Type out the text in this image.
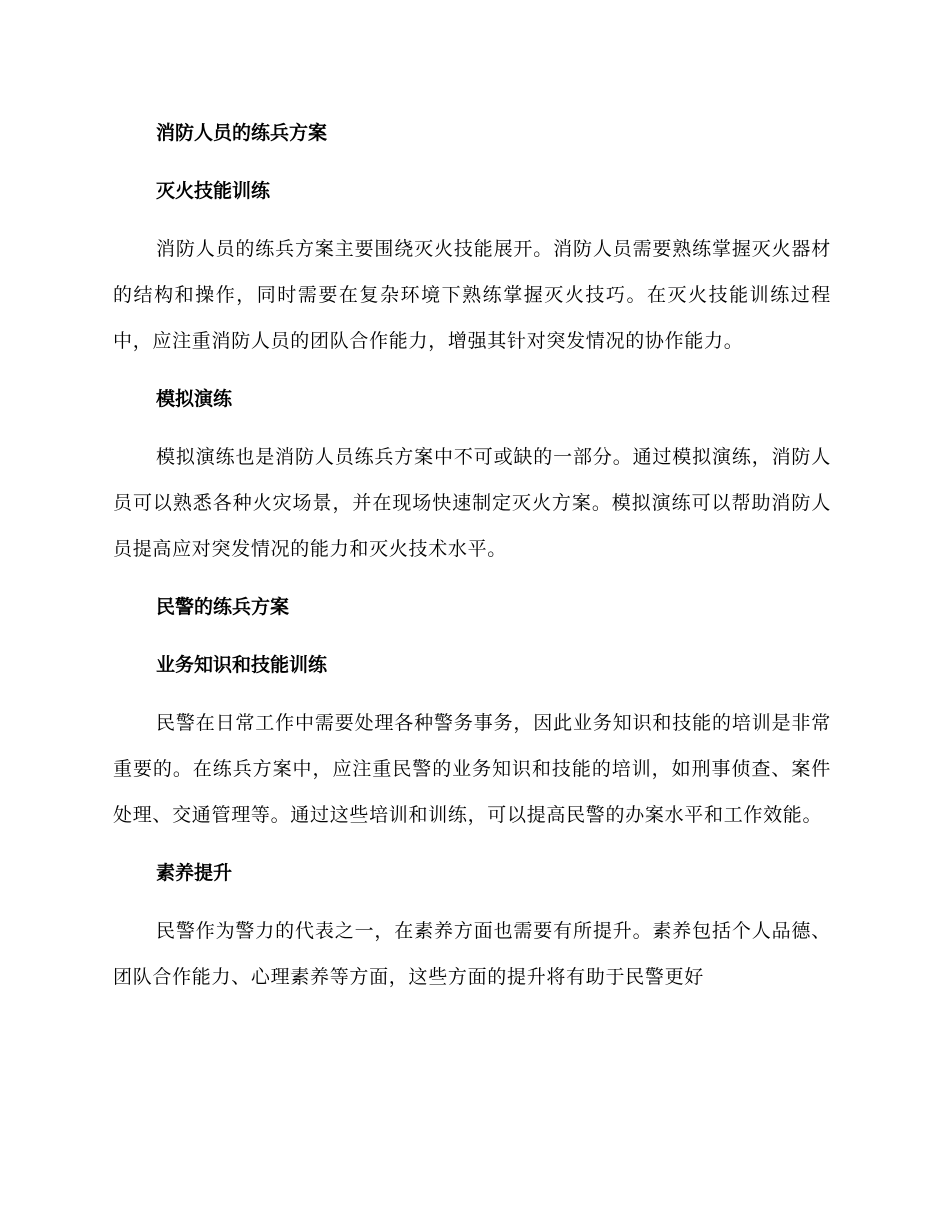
消防人员的练兵方案
灭火技能训练

消防人员的练兵方案主要围绕灭火技能展开。消防人员需要熟练掌握灭火器材的结构和操作，同时需要在复杂环境下熟练掌握灭火技巧。在灭火技能训练过程中，应注重消防人员的团队合作能力，增强其针对突发情况的协作能力。

模拟演练

模拟演练也是消防人员练兵方案中不可或缺的一部分。通过模拟演练，消防人员可以熟悉各种火灾场景，并在现场快速制定灭火方案。模拟演练可以帮助消防人员提高应对突发情况的能力和灭火技术水平。

民警的练兵方案
业务知识和技能训练

民警在日常工作中需要处理各种警务事务，因此业务知识和技能的培训是非常重要的。在练兵方案中，应注重民警的业务知识和技能的培训，如刑事侦查、案件处理、交通管理等。通过这些培训和训练，可以提高民警的办案水平和工作效能。

素养提升

民警作为警力的代表之一，在素养方面也需要有所提升。素养包括个人品德、团队合作能力、心理素养等方面，这些方面的提升将有助于民警更好
